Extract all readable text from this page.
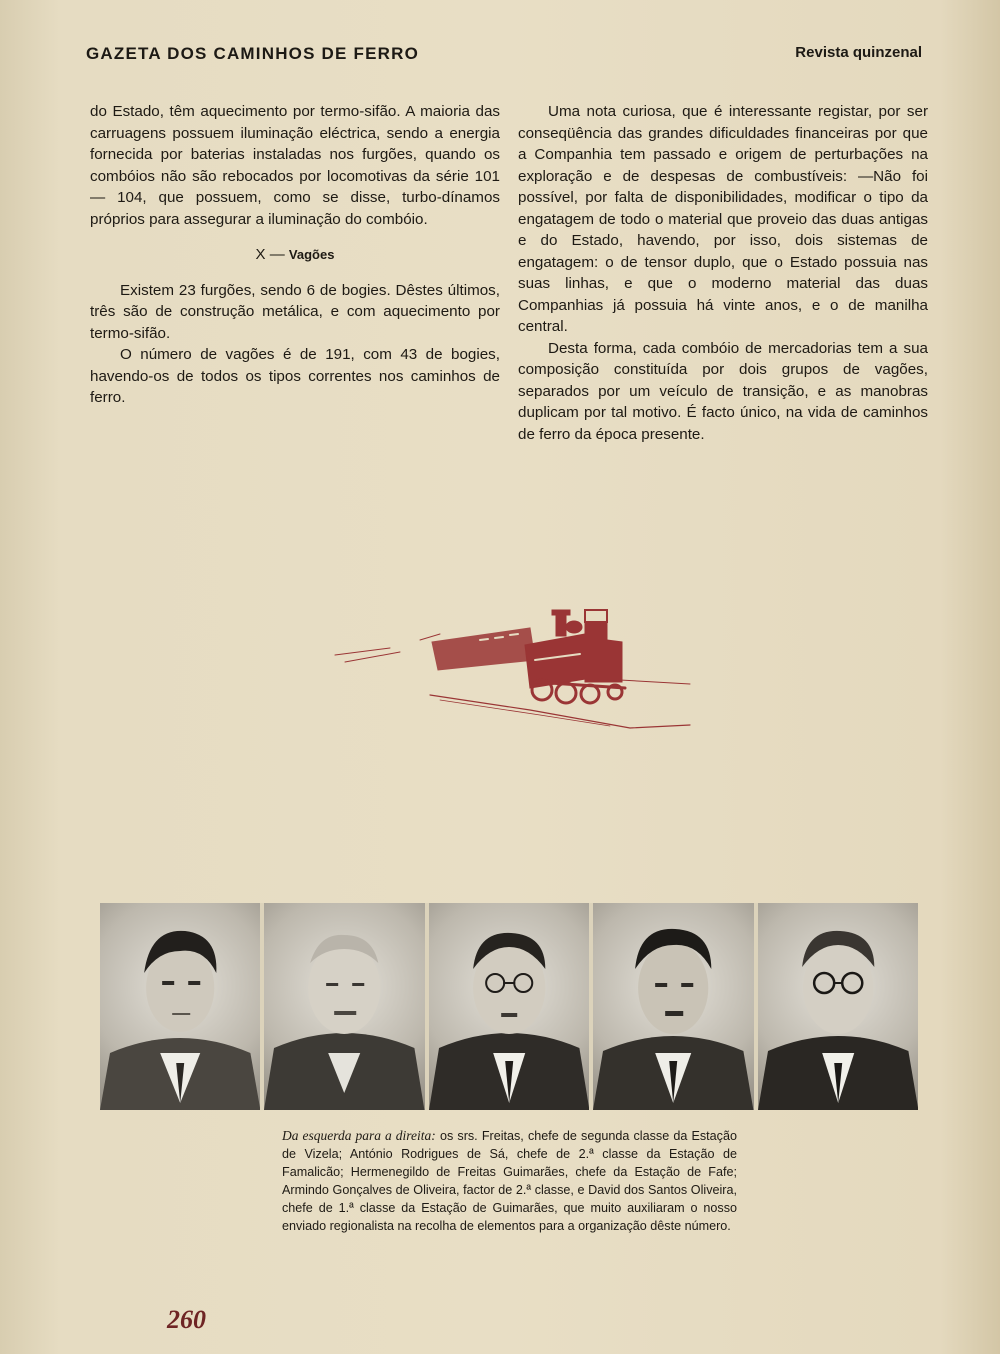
GAZETA DOS CAMINHOS DE FERRO	Revista quinzenal

do Estado, têm aquecimento por termo-sifão. A maioria das carruagens possuem iluminação eléctrica, sendo a energia fornecida por baterias instaladas nos furgões, quando os combóios não são rebocados por locomotivas da série 101 — 104, que possuem, como se disse, turbo-dínamos próprios para assegurar a iluminação do combóio.

X — Vagões

Existem 23 furgões, sendo 6 de bogies. Dêstes últimos, três são de construção metálica, e com aquecimento por termo-sifão.

O número de vagões é de 191, com 43 de bogies, havendo-os de todos os tipos correntes nos caminhos de ferro.

Uma nota curiosa, que é interessante registar, por ser conseqüência das grandes dificuldades financeiras por que a Companhia tem passado e origem de perturbações na exploração e de despesas de combustíveis: —Não foi possível, por falta de disponibilidades, modificar o tipo da engatagem de todo o material que proveio das duas antigas e do Estado, havendo, por isso, dois sistemas de engatagem: o de tensor duplo, que o Estado possuia nas suas linhas, e que o moderno material das duas Companhias já possuia há vinte anos, e o de manilha central.

Desta forma, cada combóio de mercadorias tem a sua composição constituída por dois grupos de vagões, separados por um veículo de transição, e as manobras duplicam por tal motivo. É facto único, na vida de caminhos de ferro da época presente.

Da esquerda para a direita: os srs. Freitas, chefe de segunda classe da Estação de Vizela; António Rodrigues de Sá, chefe de 2.ª classe da Estação de Famalicão; Hermenegildo de Freitas Guimarães, chefe da Estação de Fafe; Armindo Gonçalves de Oliveira, factor de 2.ª classe, e David dos Santos Oliveira, chefe de 1.ª classe da Estação de Guimarães, que muito auxiliaram o nosso enviado regionalista na recolha de elementos para a organização dêste número.
260
